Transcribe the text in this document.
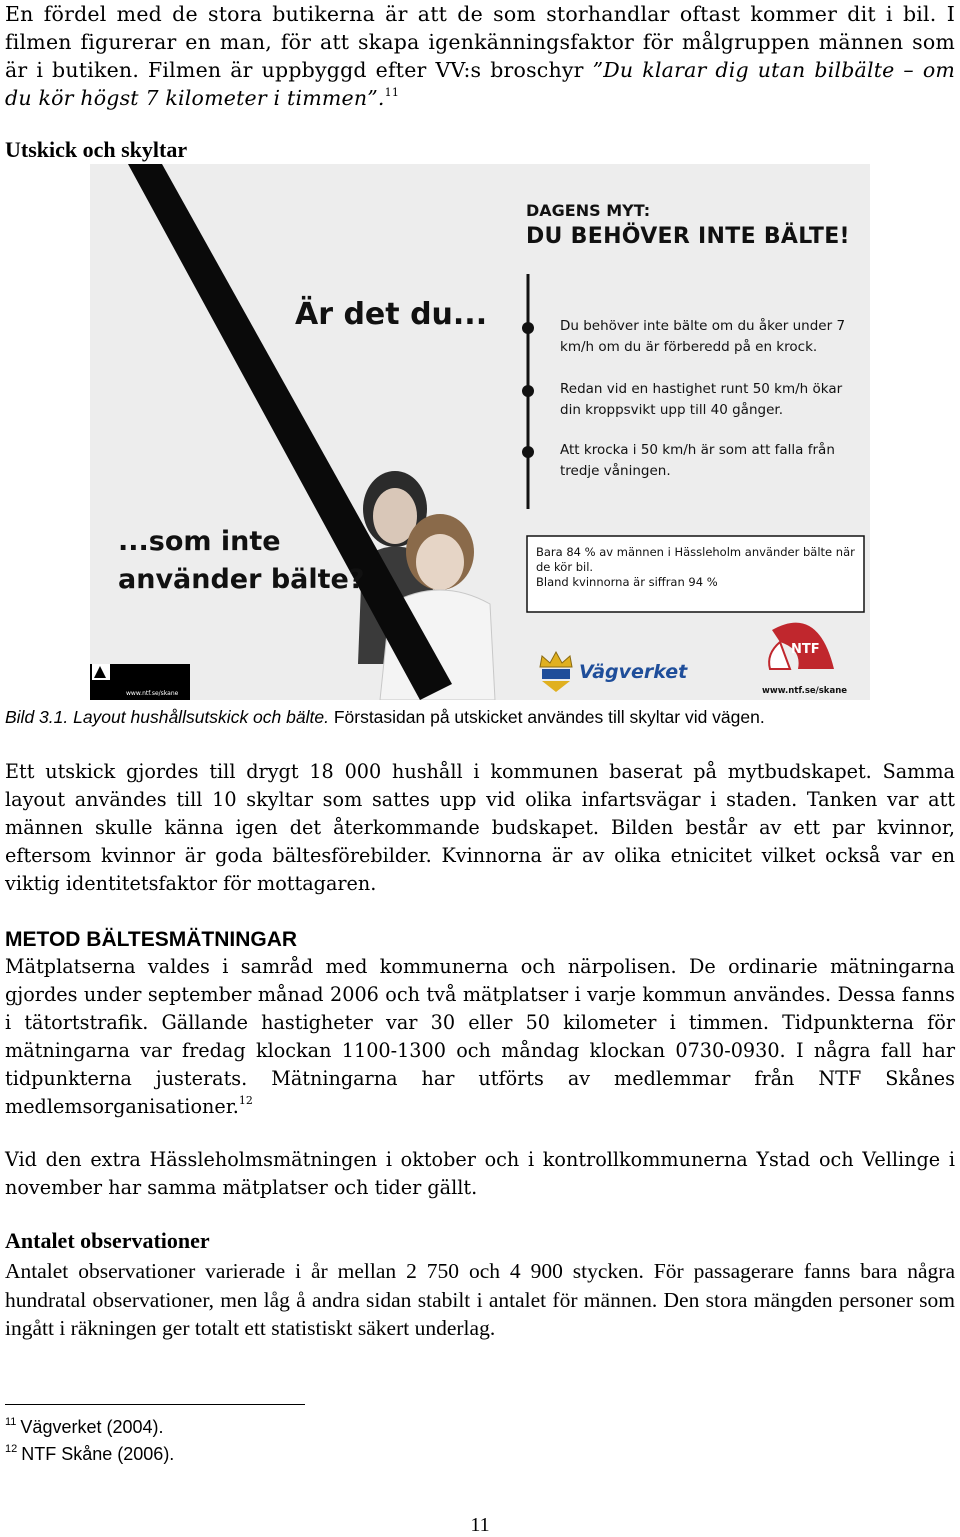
En fördel med de stora butikerna är att de som storhandlar oftast kommer dit i bil. I filmen figurerar en man, för att skapa igenkänningsfaktor för målgruppen männen som är i butiken. Filmen är uppbyggd efter VV:s broschyr ”Du klarar dig utan bilbälte – om du kör högst 7 kilometer i timmen”.$^{11}$

Utskick och skyltar
DAGENS MYT:
DU BEHÖVER INTE BÄLTE!
Är det du...
...som inte
använder bälte?
Du behöver inte bälte om du åker under 7 km/h om du är förberedd på en krock.
Redan vid en hastighet runt 50 km/h ökar din kroppsvikt upp till 40 gånger.
Att krocka i 50 km/h är som att falla från tredje våningen.
Bara 84 % av männen i Hässleholm använder bälte när de kör bil.
Bland kvinnorna är siffran 94 %
Vägverket
NTF
www.ntf.se/skane
www.ntf.se/skane

Bild 3.1. Layout hushållsutskick och bälte. Förstasidan på utskicket användes till skyltar vid vägen.

Ett utskick gjordes till drygt 18 000 hushåll i kommunen baserat på mytbudskapet. Samma layout användes till 10 skyltar som sattes upp vid olika infartsvägar i staden. Tanken var att männen skulle känna igen det återkommande budskapet. Bilden består av ett par kvinnor, eftersom kvinnor är goda bältesförebilder. Kvinnorna är av olika etnicitet vilket också var en viktig identitetsfaktor för mottagaren.

METOD BÄLTESMÄTNINGAR

Mätplatserna valdes i samråd med kommunerna och närpolisen. De ordinarie mätningarna gjordes under september månad 2006 och två mätplatser i varje kommun användes. Dessa fanns i tätortstrafik. Gällande hastigheter var 30 eller 50 kilometer i timmen. Tidpunkterna för mätningarna var fredag klockan 1100-1300 och måndag klockan 0730-0930. I några fall har tidpunkterna justerats. Mätningarna har utförts av medlemmar från NTF Skånes medlemsorganisationer.$^{12}$

Vid den extra Hässleholmsmätningen i oktober och i kontrollkommunerna Ystad och Vellinge i november har samma mätplatser och tider gällt.

Antalet observationer

Antalet observationer varierade i år mellan 2 750 och 4 900 stycken. För passagerare fanns bara några hundratal observationer, men låg å andra sidan stabilt i antalet för männen. Den stora mängden personer som ingått i räkningen ger totalt ett statistiskt säkert underlag.

$^{11}$ Vägverket (2004).

$^{12}$ NTF Skåne (2006).

11
